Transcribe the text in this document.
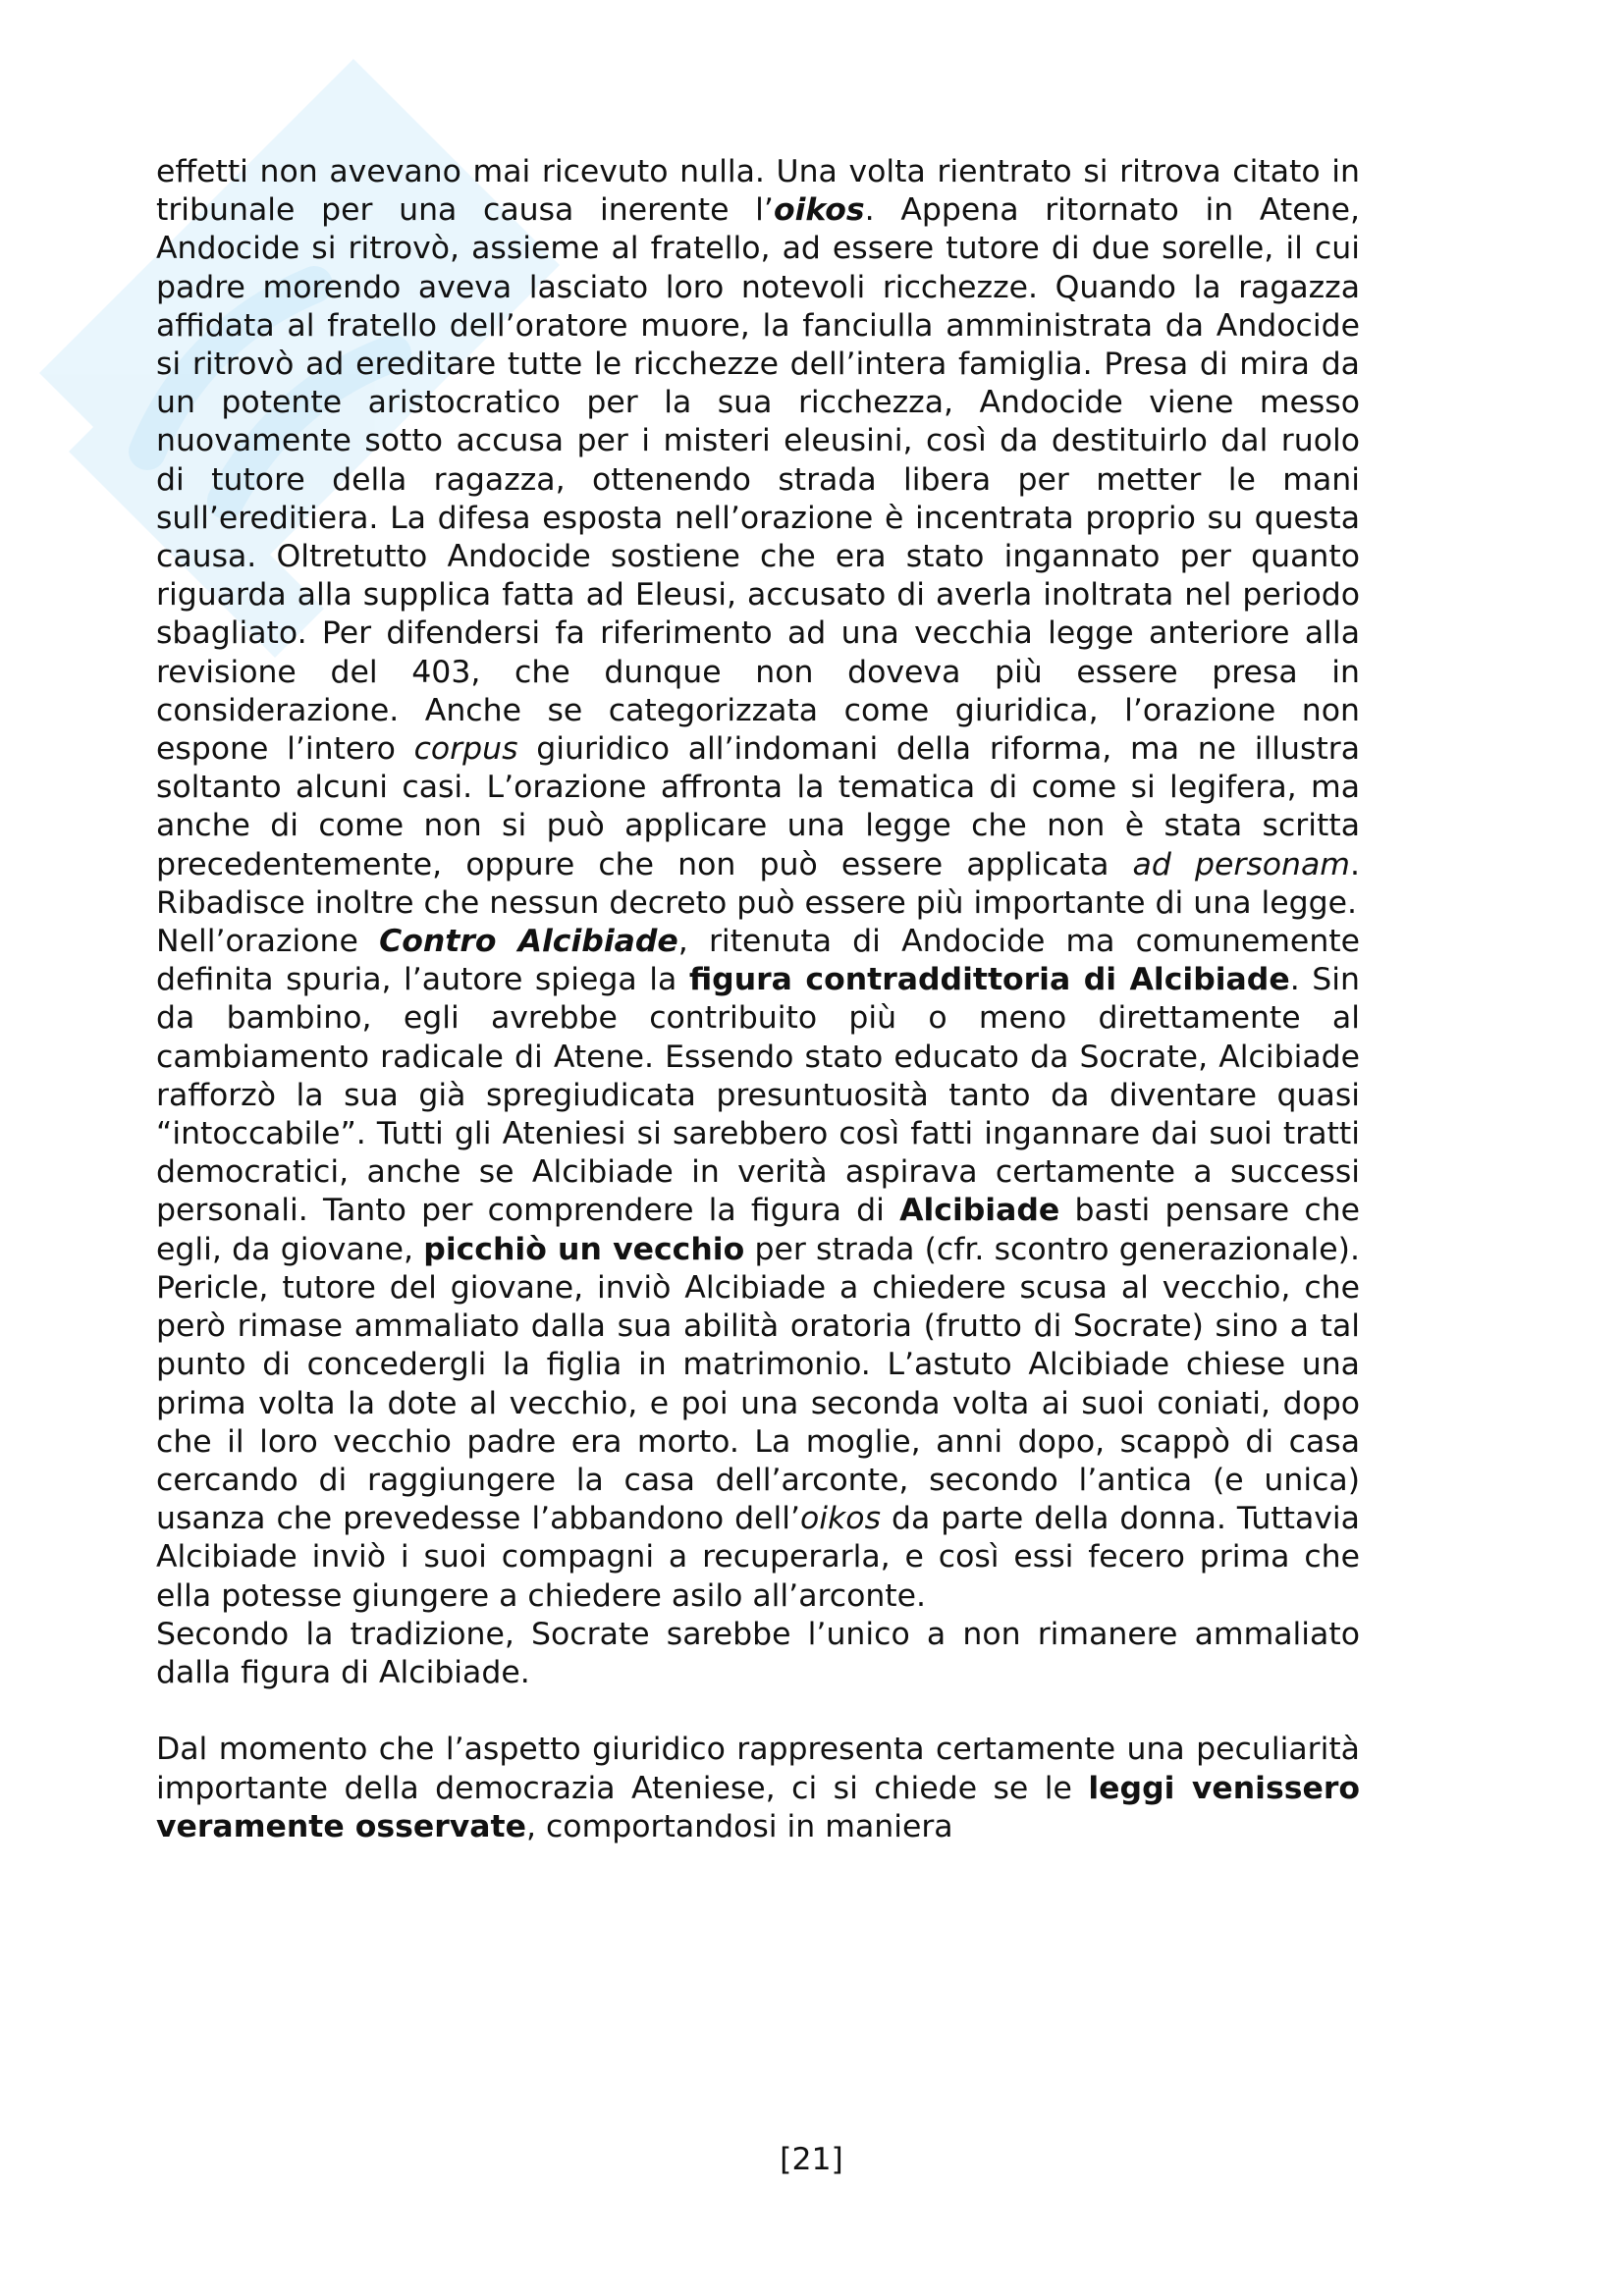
effetti non avevano mai ricevuto nulla. Una volta rientrato si ritrova citato in tribunale per una causa inerente l’oikos. Appena ritornato in Atene, Andocide si ritrovò, assieme al fratello, ad essere tutore di due sorelle, il cui padre morendo aveva lasciato loro notevoli ricchezze. Quando la ragazza affidata al fratello dell’oratore muore, la fanciulla amministrata da Andocide si ritrovò ad ereditare tutte le ricchezze dell’intera famiglia. Presa di mira da un potente aristocratico per la sua ricchezza, Andocide viene messo nuovamente sotto accusa per i misteri eleusini, così da destituirlo dal ruolo di tutore della ragazza, ottenendo strada libera per metter le mani sull’ereditiera. La difesa esposta nell’orazione è incentrata proprio su questa causa. Oltretutto Andocide sostiene che era stato ingannato per quanto riguarda alla supplica fatta ad Eleusi, accusato di averla inoltrata nel periodo sbagliato. Per difendersi fa riferimento ad una vecchia legge anteriore alla revisione del 403, che dunque non doveva più essere presa in considerazione. Anche se categorizzata come giuridica, l’orazione non espone l’intero corpus giuridico all’indomani della riforma, ma ne illustra soltanto alcuni casi. L’orazione affronta la tematica di come si legifera, ma anche di come non si può applicare una legge che non è stata scritta precedentemente, oppure che non può essere applicata ad personam. Ribadisce inoltre che nessun decreto può essere più importante di una legge.

Nell’orazione Contro Alcibiade, ritenuta di Andocide ma comunemente definita spuria, l’autore spiega la figura contraddittoria di Alcibiade. Sin da bambino, egli avrebbe contribuito più o meno direttamente al cambiamento radicale di Atene. Essendo stato educato da Socrate, Alcibiade rafforzò la sua già spregiudicata presuntuosità tanto da diventare quasi “intoccabile”. Tutti gli Ateniesi si sarebbero così fatti ingannare dai suoi tratti democratici, anche se Alcibiade in verità aspirava certamente a successi personali. Tanto per comprendere la figura di Alcibiade basti pensare che egli, da giovane, picchiò un vecchio per strada (cfr. scontro generazionale). Pericle, tutore del giovane, inviò Alcibiade a chiedere scusa al vecchio, che però rimase ammaliato dalla sua abilità oratoria (frutto di Socrate) sino a tal punto di concedergli la figlia in matrimonio. L’astuto Alcibiade chiese una prima volta la dote al vecchio, e poi una seconda volta ai suoi coniati, dopo che il loro vecchio padre era morto. La moglie, anni dopo, scappò di casa cercando di raggiungere la casa dell’arconte, secondo l’antica (e unica) usanza che prevedesse l’abbandono dell’oikos da parte della donna. Tuttavia Alcibiade inviò i suoi compagni a recuperarla, e così essi fecero prima che ella potesse giungere a chiedere asilo all’arconte.

Secondo la tradizione, Socrate sarebbe l’unico a non rimanere ammaliato dalla figura di Alcibiade.

Dal momento che l’aspetto giuridico rappresenta certamente una peculiarità importante della democrazia Ateniese, ci si chiede se le leggi venissero veramente osservate, comportandosi in maniera

[21]
